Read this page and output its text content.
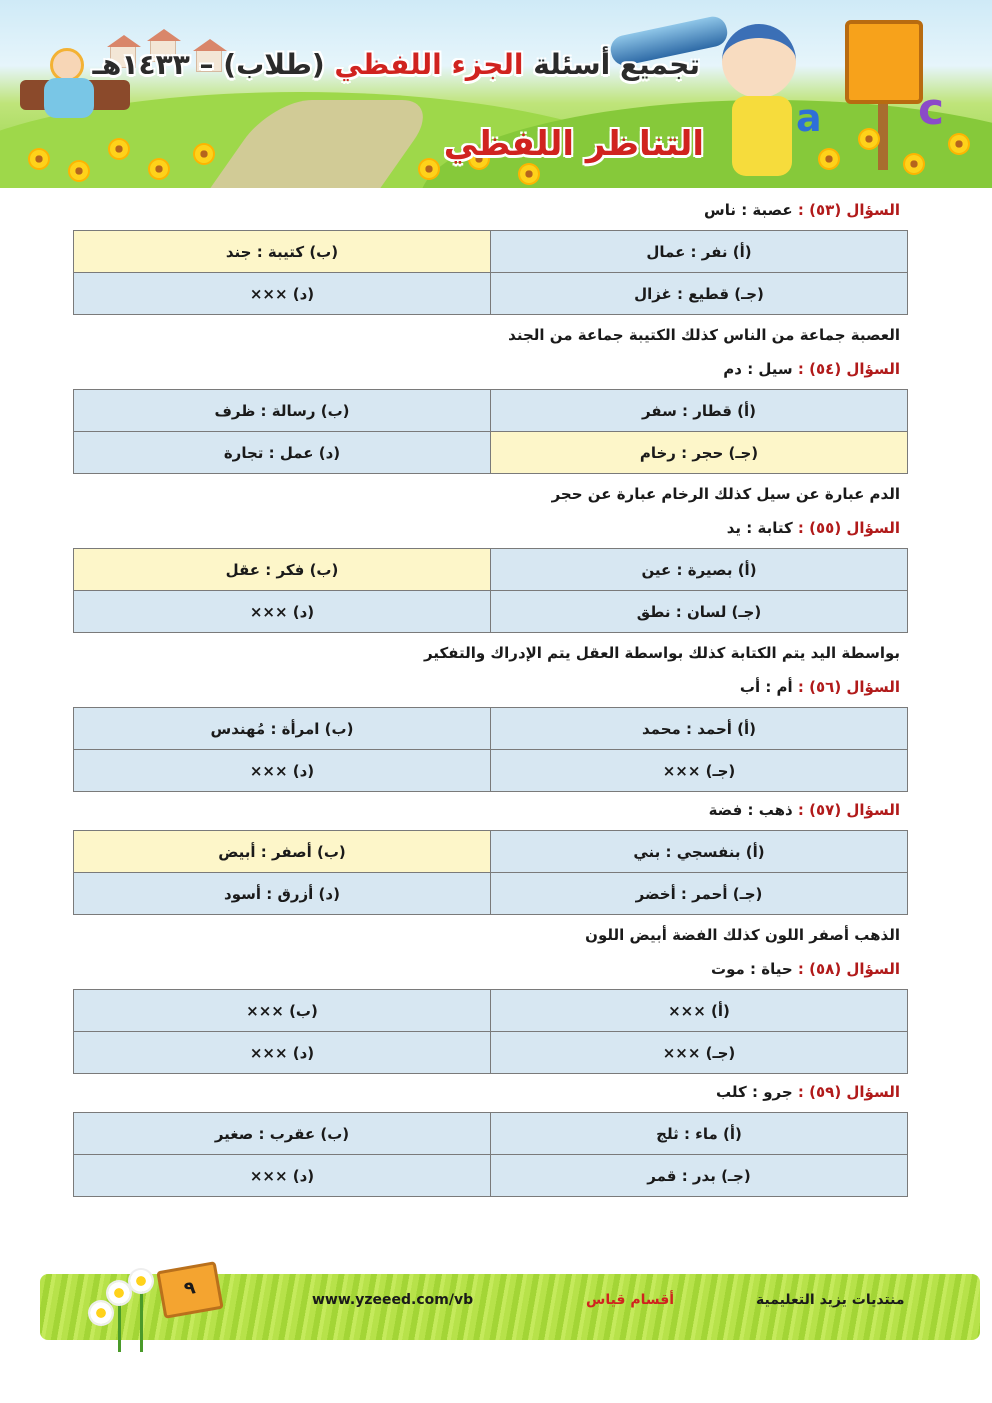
a c
تجميع أسئلة الجزء اللفظي (طلاب) – ١٤٣٣هـ
التناظر اللفظي
السؤال (٥٣) : عصبة : ناس
(أ) نفر : عمال	(ب) كتيبة : جند
(جـ) قطيع : غزال	(د) ×××
العصبة جماعة من الناس كذلك الكتيبة جماعة من الجند
السؤال (٥٤) : سيل : دم
(أ) قطار : سفر	(ب) رسالة : ظرف
(جـ) حجر : رخام	(د) عمل : تجارة
الدم عبارة عن سيل كذلك الرخام عبارة عن حجر
السؤال (٥٥) : كتابة : يد
(أ) بصيرة : عين	(ب) فكر : عقل
(جـ) لسان : نطق	(د) ×××
بواسطة اليد يتم الكتابة كذلك بواسطة العقل يتم الإدراك والتفكير
السؤال (٥٦) : أم : أب
(أ) أحمد : محمد	(ب) امرأة : مُهندس
(جـ) ×××	(د) ×××
السؤال (٥٧) : ذهب : فضة
(أ) بنفسجي : بني	(ب) أصفر : أبيض
(جـ) أحمر : أخضر	(د) أزرق : أسود
الذهب أصفر اللون كذلك الفضة أبيض اللون
السؤال (٥٨) : حياة : موت
(أ) ×××	(ب) ×××
(جـ) ×××	(د) ×××
السؤال (٥٩) : جرو : كلب
(أ) ماء : ثلج	(ب) عقرب : صغير
(جـ) بدر : قمر	(د) ×××
٩
www.yzeeed.com/vb	أقسام قياس	منتديات يزيد التعليمية
